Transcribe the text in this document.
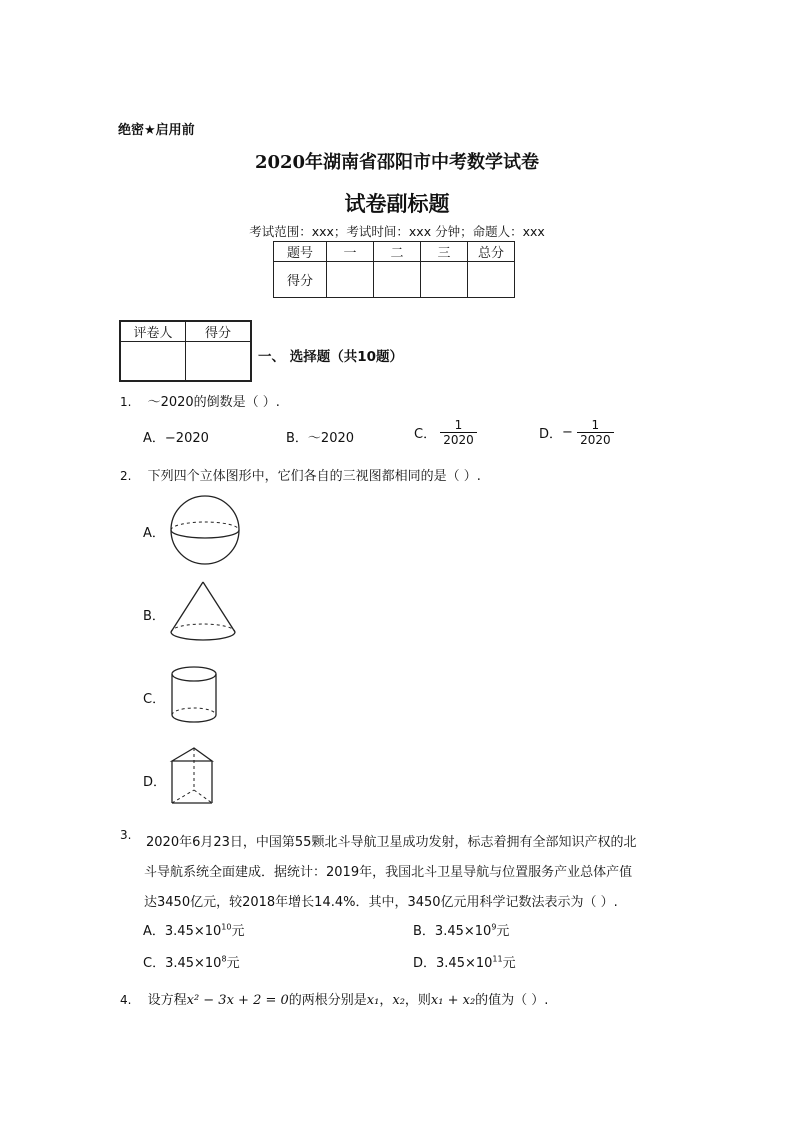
绝密★启用前
2020年湖南省邵阳市中考数学试卷
试卷副标题
考试范围：xxx；考试时间：xxx 分钟；命题人：xxx
题号	一	二	三	总分
得分				
评卷人	得分

一、 选择题（共10题）
1. ～2020的倒数是（ ）.
A．−2020	B．～2020	C． $\frac{1}{2020}$	D．− $\frac{1}{2020}$
2. 下列四个立体图形中，它们各自的三视图都相同的是（ ）.
A．
B．
C．
D．
3. 2020年6月23日，中国第55颗北斗导航卫星成功发射，标志着拥有全部知识产权的北
斗导航系统全面建成．据统计：2019年，我国北斗卫星导航与位置服务产业总体产值
达3450亿元，较2018年增长14.4%．其中，3450亿元用科学记数法表示为（ ）.
A．$3.45\times 10^{10}$元	B．$3.45\times 10^9$元
C．$3.45\times 10^8$元	D．$3.45\times 10^{11}$元
4. 设方程x² − 3x + 2 = 0的两根分别是x₁，x₂，则x₁ + x₂的值为（ ）.
